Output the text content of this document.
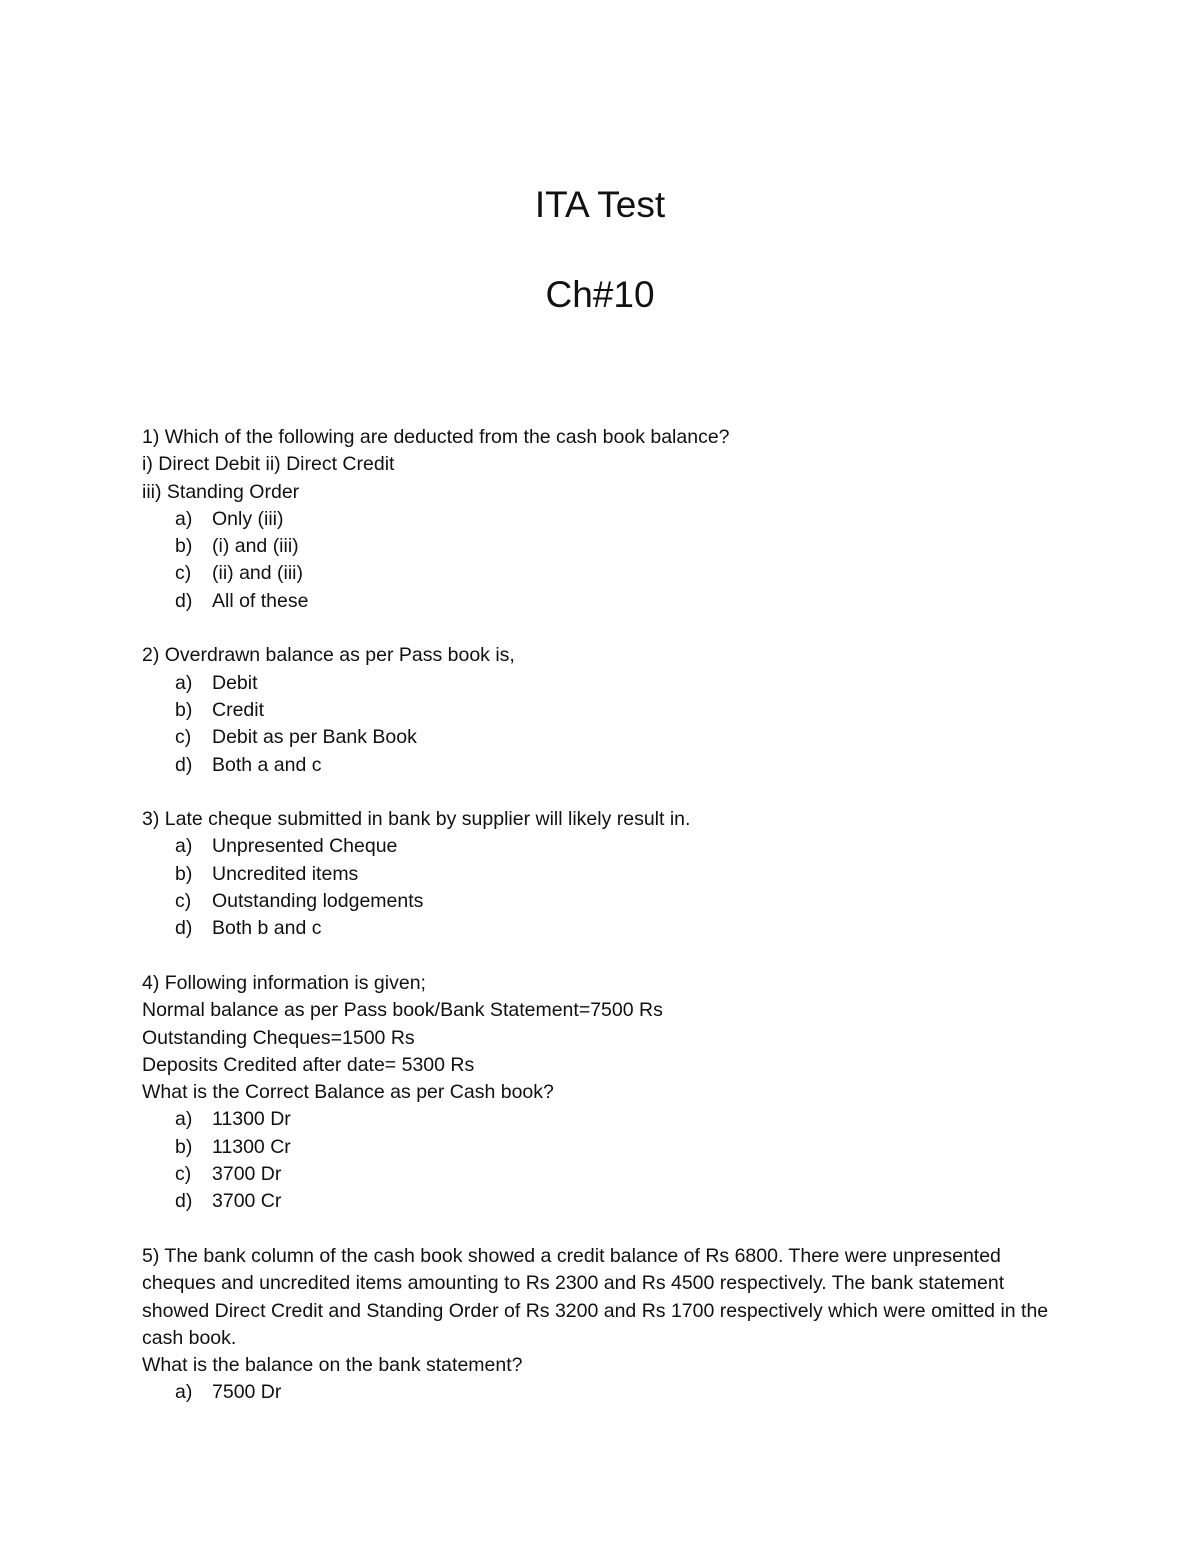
ITA Test
Ch#10

1) Which of the following are deducted from the cash book balance?

i) Direct Debit ii) Direct Credit

iii) Standing Order

a) Only (iii)
b) (i) and (iii)
c) (ii) and (iii)
d) All of these

2) Overdrawn balance as per Pass book is,

a) Debit
b) Credit
c) Debit as per Bank Book
d) Both a and c

3) Late cheque submitted in bank by supplier will likely result in.

a) Unpresented Cheque
b) Uncredited items
c) Outstanding lodgements
d) Both b and c

4) Following information is given;

Normal balance as per Pass book/Bank Statement=7500 Rs

Outstanding Cheques=1500 Rs

Deposits Credited after date= 5300 Rs

What is the Correct Balance as per Cash book?

a) 11300 Dr
b) 11300 Cr
c) 3700 Dr
d) 3700 Cr

5) The bank column of the cash book showed a credit balance of Rs 6800. There were unpresented cheques and uncredited items amounting to Rs 2300 and Rs 4500 respectively. The bank statement showed Direct Credit and Standing Order of Rs 3200 and Rs 1700 respectively which were omitted in the cash book.

What is the balance on the bank statement?

a) 7500 Dr
